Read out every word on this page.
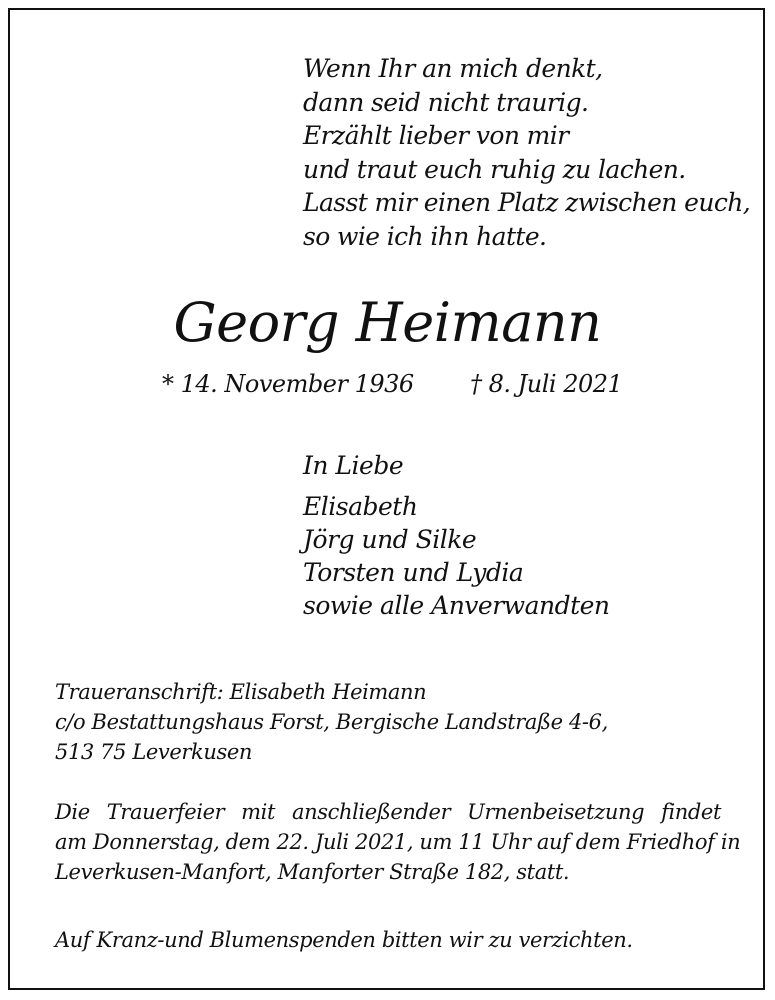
Wenn Ihr an mich denkt,
dann seid nicht traurig.
Erzählt lieber von mir
und traut euch ruhig zu lachen.
Lasst mir einen Platz zwischen euch,
so wie ich ihn hatte.
Georg Heimann
* 14. November 1936 † 8. Juli 2021
In Liebe
Elisabeth
Jörg und Silke
Torsten und Lydia
sowie alle Anverwandten
Traueranschrift: Elisabeth Heimann
c/o Bestattungshaus Forst, Bergische Landstraße 4-6,
513 75 Leverkusen
Die Trauerfeier mit anschließender Urnenbeisetzung findet
am Donnerstag, dem 22. Juli 2021, um 11 Uhr auf dem Friedhof in
Leverkusen-Manfort, Manforter Straße 182, statt.
Auf Kranz-und Blumenspenden bitten wir zu verzichten.
